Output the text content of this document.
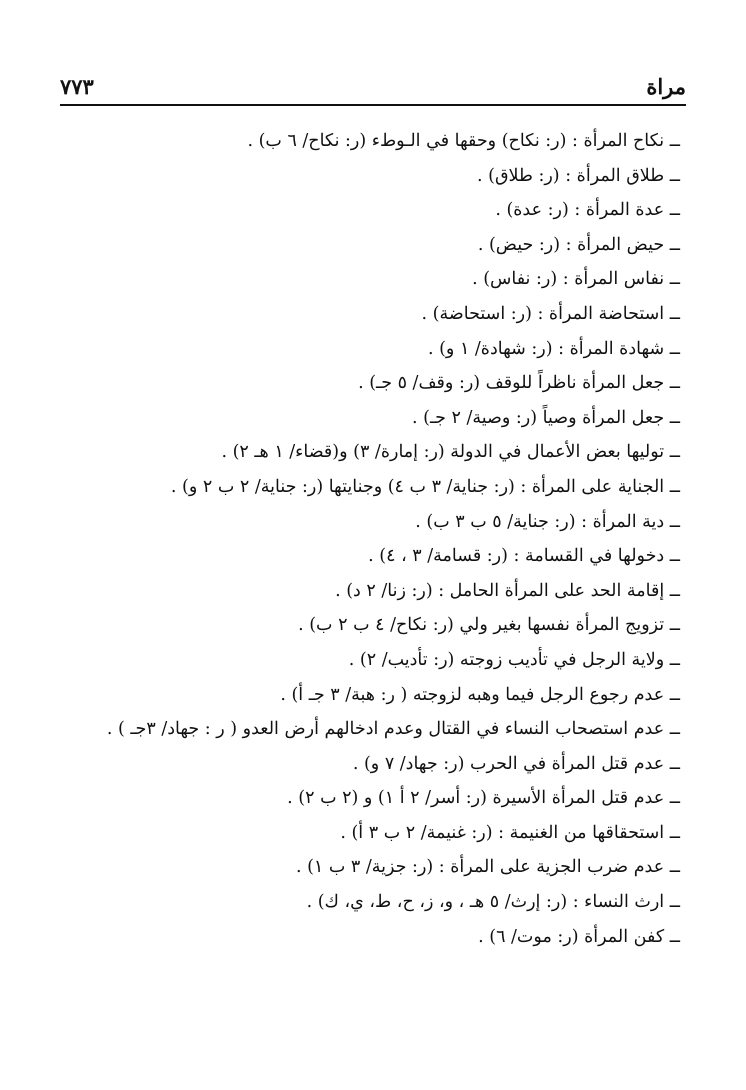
مراة
٧٧٣
ــ نكاح المرأة : (ر: نكاح) وحقها في الـوطء (ر: نكاح/ ٦ ب) .
ــ طلاق المرأة : (ر: طلاق) .
ــ عدة المرأة : (ر: عدة) .
ــ حيض المرأة : (ر: حيض) .
ــ نفاس المرأة : (ر: نفاس) .
ــ استحاضة المرأة : (ر: استحاضة) .
ــ شهادة المرأة : (ر: شهادة/ ١ و) .
ــ جعل المرأة ناظراً للوقف (ر: وقف/ ٥ جـ) .
ــ جعل المرأة وصياً (ر: وصية/ ٢ جـ) .
ــ توليها بعض الأعمال في الدولة (ر: إمارة/ ٣) و(قضاء/ ١ هـ ٢) .
ــ الجناية على المرأة : (ر: جناية/ ٣ ب ٤) وجنايتها (ر: جناية/ ٢ ب ٢ و) .
ــ دية المرأة : (ر: جناية/ ٥ ب ٣ ب) .
ــ دخولها في القسامة : (ر: قسامة/ ٣ ، ٤) .
ــ إقامة الحد على المرأة الحامل : (ر: زنا/ ٢ د) .
ــ تزويج المرأة نفسها بغير ولي (ر: نكاح/ ٤ ب ٢ ب) .
ــ ولاية الرجل في تأديب زوجته (ر: تأديب/ ٢) .
ــ عدم رجوع الرجل فيما وهبه لزوجته ( ر: هبة/ ٣ جـ أ) .
ــ عدم استصحاب النساء في القتال وعدم ادخالهم أرض العدو ( ر : جهاد/ ٣جـ ) .
ــ عدم قتل المرأة في الحرب (ر: جهاد/ ٧ و) .
ــ عدم قتل المرأة الأسيرة (ر: أسر/ ٢ أ ١) و (٢ ب ٢) .
ــ استحقاقها من الغنيمة : (ر: غنيمة/ ٢ ب ٣ أ) .
ــ عدم ضرب الجزية على المرأة : (ر: جزية/ ٣ ب ١) .
ــ ارث النساء : (ر: إرث/ ٥ هـ ، و، ز، ح، ط، ي، ك) .
ــ كفن المرأة (ر: موت/ ٦) .
